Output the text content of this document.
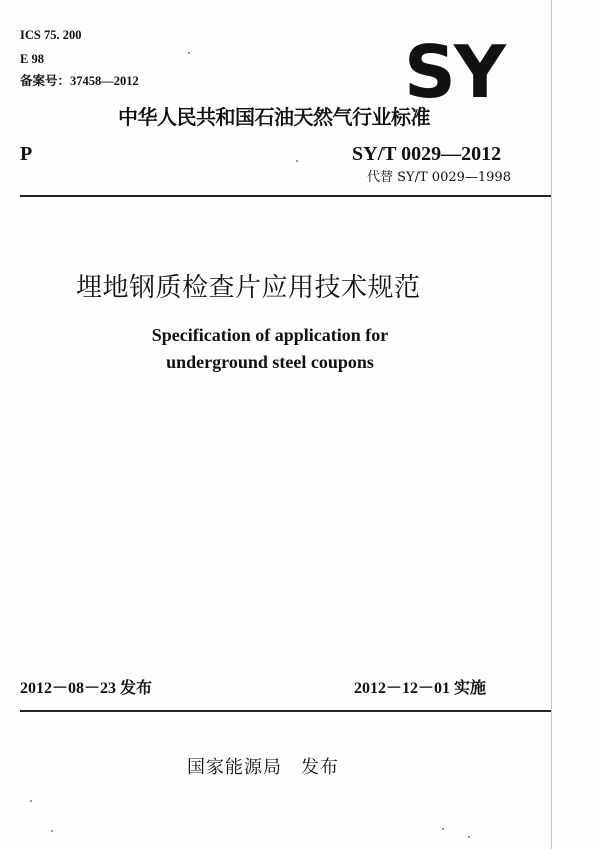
ICS 75. 200
E 98
备案号：37458—2012	SY
中华人民共和国石油天然气行业标准
P	SY/T 0029—2012
代替 SY/T 0029—1998
埋地钢质检查片应用技术规范
Specification of application for
underground steel coupons
2012－08－23 发布	2012－12－01 实施
国家能源局　发布
